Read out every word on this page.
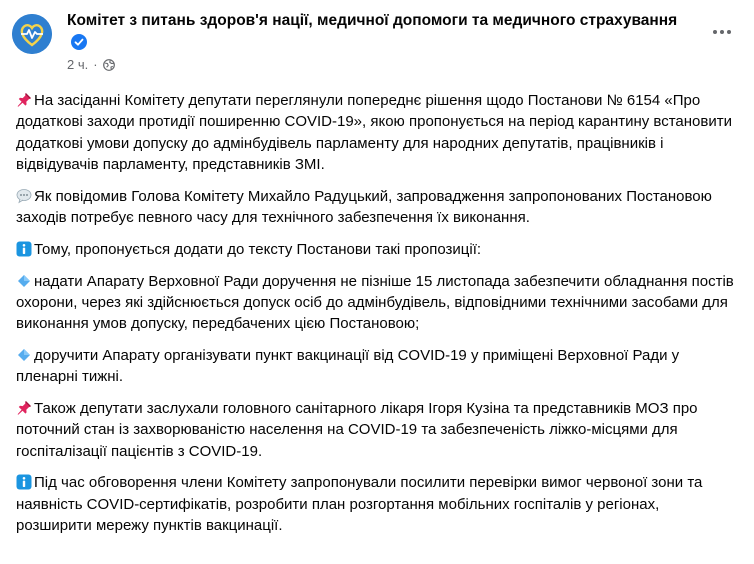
Комітет з питань здоров'я нації, медичної допомоги та медичного страхування
2 ч. ·

На засіданні Комітету депутати переглянули попереднє рішення щодо Постанови № 6154 «Про додаткові заходи протидії поширенню COVID-19», якою пропонується на період карантину встановити додаткові умови допуску до адмінбудівель парламенту для народних депутатів, працівників і відвідувачів парламенту, представників ЗМІ.

Як повідомив Голова Комітету Михайло Радуцький, запровадження запропонованих Постановою заходів потребує певного часу для технічного забезпечення їх виконання.

Тому, пропонується додати до тексту Постанови такі пропозиції:

надати Апарату Верховної Ради доручення не пізніше 15 листопада забезпечити обладнання постів охорони, через які здійснюється допуск осіб до адмінбудівель, відповідними технічними засобами для виконання умов допуску, передбачених цією Постановою;

доручити Апарату організувати пункт вакцинації від COVID-19 у приміщені Верховної Ради у пленарні тижні.

Також депутати заслухали головного санітарного лікаря Ігоря Кузіна та представників МОЗ про поточний стан із захворюваністю населення на COVID-19 та забезпеченість ліжко-місцями для госпіталізації пацієнтів з COVID-19.

Під час обговорення члени Комітету запропонували посилити перевірки вимог червоної зони та наявність COVID-сертифікатів, розробити план розгортання мобільних госпіталів у регіонах, розширити мережу пунктів вакцинації.
